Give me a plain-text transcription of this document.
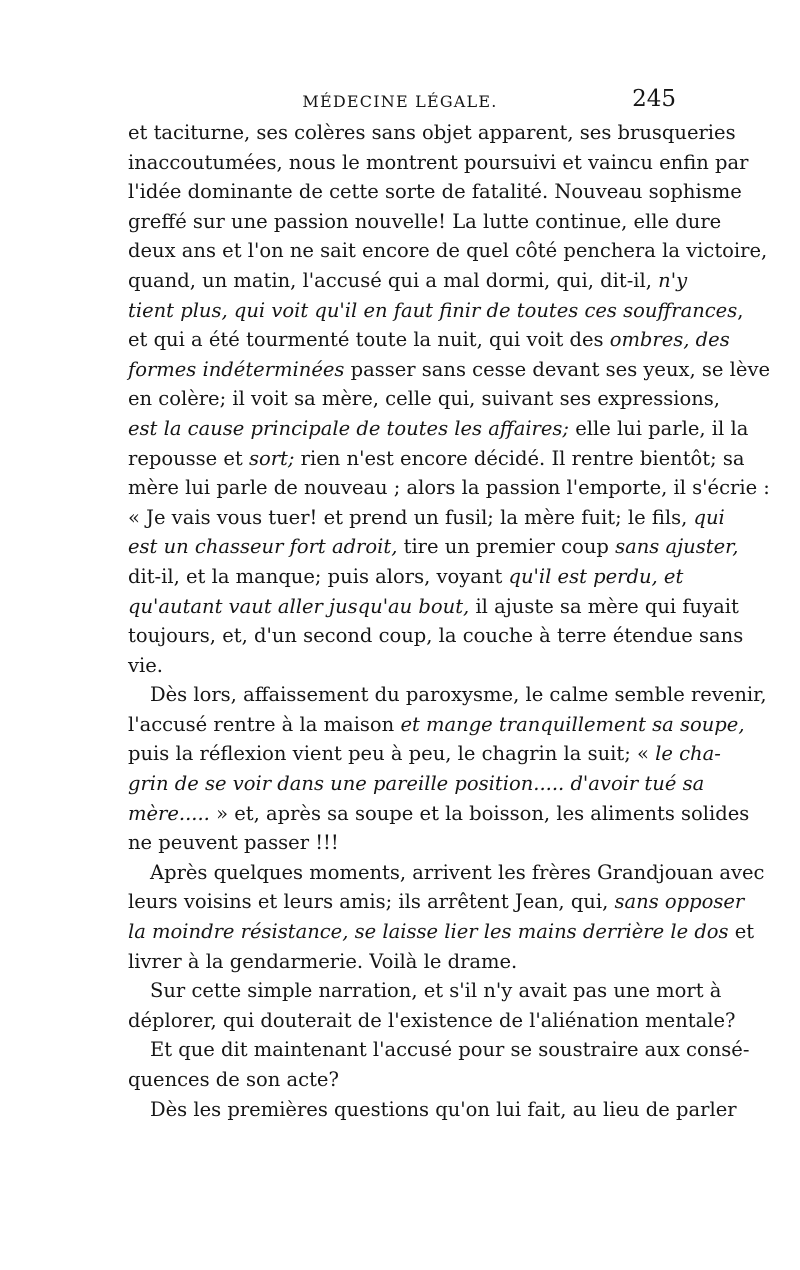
MÉDECINE LÉGALE.	245
et taciturne, ses colères sans objet apparent, ses brusqueries
inaccoutumées, nous le montrent poursuivi et vaincu enfin par
l'idée dominante de cette sorte de fatalité. Nouveau sophisme
greffé sur une passion nouvelle! La lutte continue, elle dure
deux ans et l'on ne sait encore de quel côté penchera la victoire,
quand, un matin, l'accusé qui a mal dormi, qui, dit-il, n'y
tient plus, qui voit qu'il en faut finir de toutes ces souffrances,
et qui a été tourmenté toute la nuit, qui voit des ombres, des
formes indéterminées passer sans cesse devant ses yeux, se lève
en colère; il voit sa mère, celle qui, suivant ses expressions,
est la cause principale de toutes les affaires; elle lui parle, il la
repousse et sort; rien n'est encore décidé. Il rentre bientôt; sa
mère lui parle de nouveau ; alors la passion l'emporte, il s'écrie :
« Je vais vous tuer! et prend un fusil; la mère fuit; le fils, qui
est un chasseur fort adroit, tire un premier coup sans ajuster,
dit-il, et la manque; puis alors, voyant qu'il est perdu, et
qu'autant vaut aller jusqu'au bout, il ajuste sa mère qui fuyait
toujours, et, d'un second coup, la couche à terre étendue sans
vie.
Dès lors, affaissement du paroxysme, le calme semble revenir,
l'accusé rentre à la maison et mange tranquillement sa soupe,
puis la réflexion vient peu à peu, le chagrin la suit; « le cha-
grin de se voir dans une pareille position..... d'avoir tué sa
mère..... » et, après sa soupe et la boisson, les aliments solides
ne peuvent passer !!!
Après quelques moments, arrivent les frères Grandjouan avec
leurs voisins et leurs amis; ils arrêtent Jean, qui, sans opposer
la moindre résistance, se laisse lier les mains derrière le dos et
livrer à la gendarmerie. Voilà le drame.
Sur cette simple narration, et s'il n'y avait pas une mort à
déplorer, qui douterait de l'existence de l'aliénation mentale?
Et que dit maintenant l'accusé pour se soustraire aux consé-
quences de son acte?
Dès les premières questions qu'on lui fait, au lieu de parler
